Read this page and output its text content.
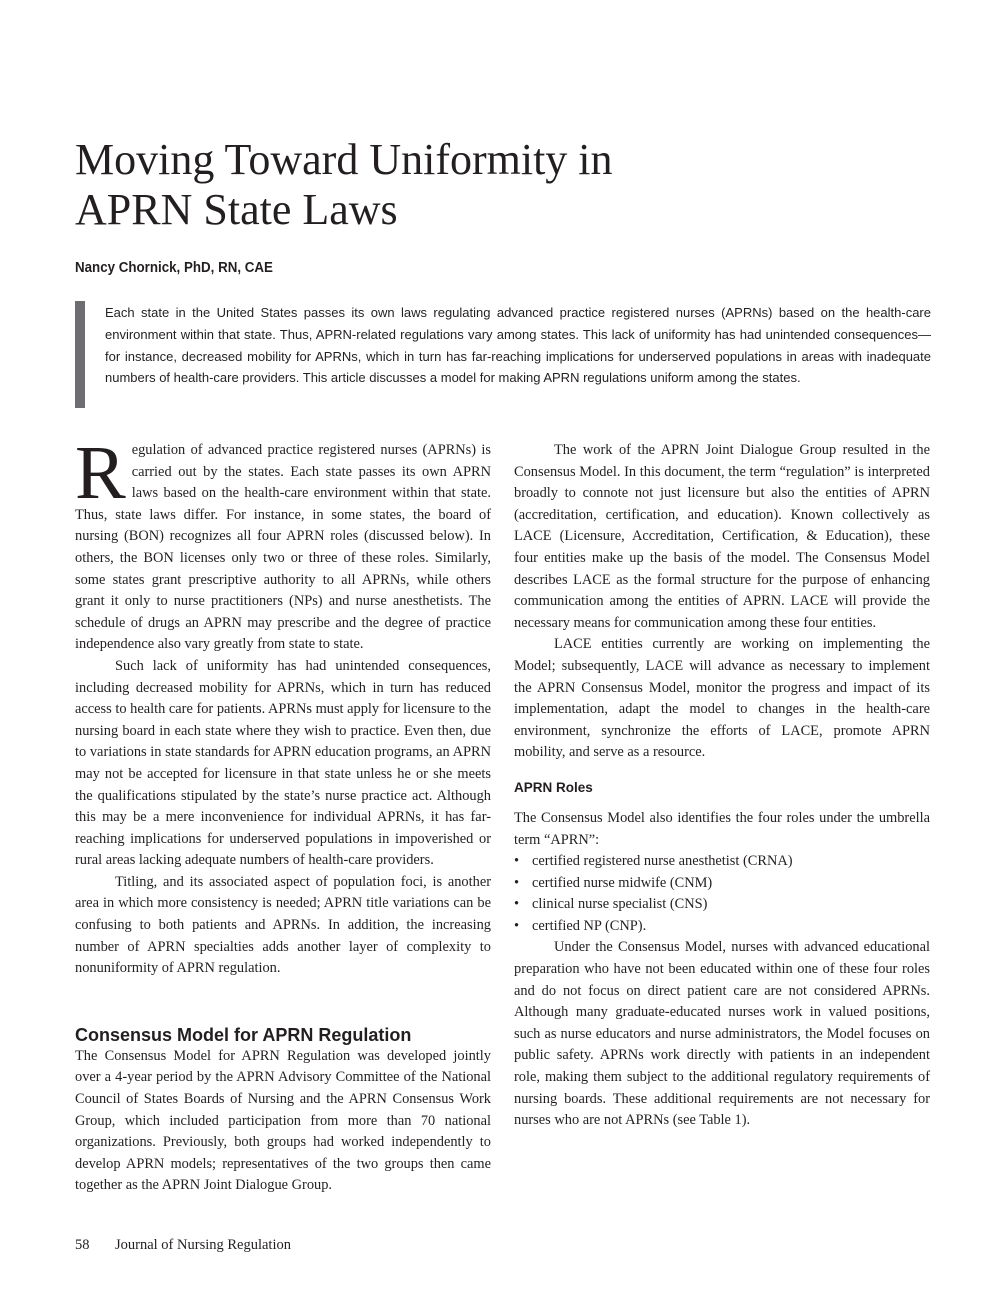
Moving Toward Uniformity in
APRN State Laws
Nancy Chornick, PhD, RN, CAE

Each state in the United States passes its own laws regulating advanced practice registered nurses (APRNs) based on the health-care environment within that state. Thus, APRN-related regulations vary among states. This lack of uniformity has had unintended consequences—for instance, decreased mobility for APRNs, which in turn has far-reaching implications for underserved populations in areas with inadequate numbers of health-care providers. This article discusses a model for making APRN regulations uniform among the states.

Regulation of advanced practice registered nurses (APRNs) is carried out by the states. Each state passes its own APRN laws based on the health-care environment within that state. Thus, state laws differ. For instance, in some states, the board of nursing (BON) recognizes all four APRN roles (discussed below). In others, the BON licenses only two or three of these roles. Similarly, some states grant prescriptive authority to all APRNs, while others grant it only to nurse practitioners (NPs) and nurse anesthetists. The schedule of drugs an APRN may prescribe and the degree of practice independence also vary greatly from state to state.

Such lack of uniformity has had unintended consequences, including decreased mobility for APRNs, which in turn has reduced access to health care for patients. APRNs must apply for licensure to the nursing board in each state where they wish to practice. Even then, due to variations in state standards for APRN education programs, an APRN may not be accepted for licensure in that state unless he or she meets the qualifications stipulated by the state’s nurse practice act. Although this may be a mere inconvenience for individual APRNs, it has far-reaching implications for underserved populations in impoverished or rural areas lacking adequate numbers of health-care providers.

Titling, and its associated aspect of population foci, is another area in which more consistency is needed; APRN title variations can be confusing to both patients and APRNs. In addition, the increasing number of APRN specialties adds another layer of complexity to nonuniformity of APRN regulation.

Consensus Model for APRN Regulation

The Consensus Model for APRN Regulation was developed jointly over a 4-year period by the APRN Advisory Committee of the National Council of States Boards of Nursing and the APRN Consensus Work Group, which included participation from more than 70 national organizations. Previously, both groups had worked independently to develop APRN models; representatives of the two groups then came together as the APRN Joint Dialogue Group.

The work of the APRN Joint Dialogue Group resulted in the Consensus Model. In this document, the term “regulation” is interpreted broadly to connote not just licensure but also the entities of APRN (accreditation, certification, and education). Known collectively as LACE (Licensure, Accreditation, Certification, & Education), these four entities make up the basis of the model. The Consensus Model describes LACE as the formal structure for the purpose of enhancing communication among the entities of APRN. LACE will provide the necessary means for communication among these four entities.

LACE entities currently are working on implementing the Model; subsequently, LACE will advance as necessary to implement the APRN Consensus Model, monitor the progress and impact of its implementation, adapt the model to changes in the health-care environment, synchronize the efforts of LACE, promote APRN mobility, and serve as a resource.

APRN Roles

The Consensus Model also identifies the four roles under the umbrella term “APRN”:

• certified registered nurse anesthetist (CRNA)
• certified nurse midwife (CNM)
• clinical nurse specialist (CNS)
• certified NP (CNP).

Under the Consensus Model, nurses with advanced educational preparation who have not been educated within one of these four roles and do not focus on direct patient care are not considered APRNs. Although many graduate-educated nurses work in valued positions, such as nurse educators and nurse administrators, the Model focuses on public safety. APRNs work directly with patients in an independent role, making them subject to the additional regulatory requirements of nursing boards. These additional requirements are not necessary for nurses who are not APRNs (see Table 1).

58 Journal of Nursing Regulation
